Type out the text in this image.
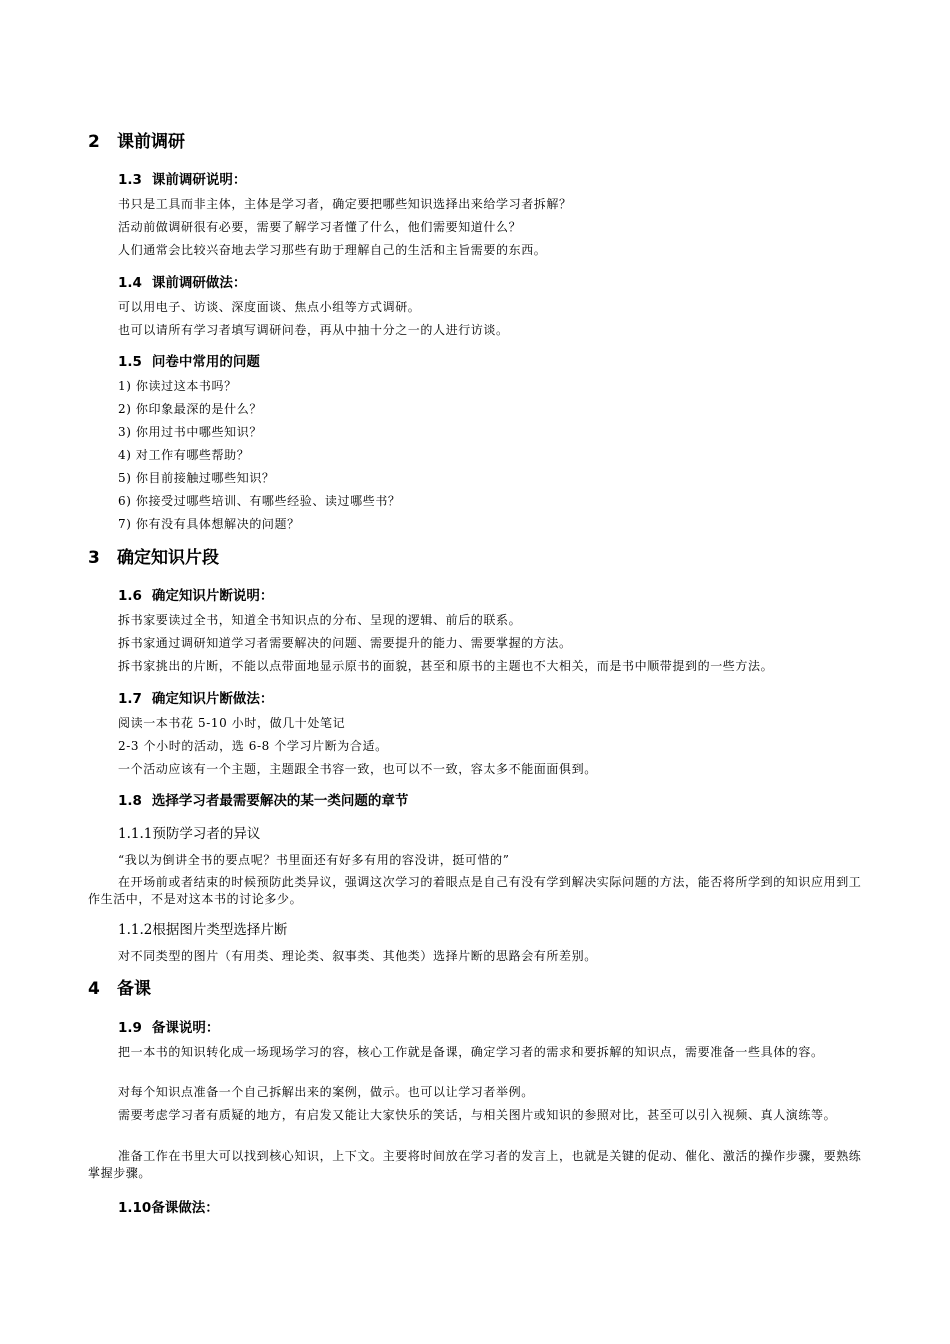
2 课前调研
1.3 课前调研说明：
书只是工具而非主体，主体是学习者，确定要把哪些知识选择出来给学习者拆解？
活动前做调研很有必要，需要了解学习者懂了什么，他们需要知道什么？
人们通常会比较兴奋地去学习那些有助于理解自己的生活和主旨需要的东西。
1.4 课前调研做法：
可以用电子、访谈、深度面谈、焦点小组等方式调研。
也可以请所有学习者填写调研问卷，再从中抽十分之一的人进行访谈。
1.5 问卷中常用的问题
1) 你读过这本书吗？
2) 你印象最深的是什么？
3) 你用过书中哪些知识？
4) 对工作有哪些帮助？
5) 你目前接触过哪些知识？
6) 你接受过哪些培训、有哪些经验、读过哪些书？
7) 你有没有具体想解决的问题？
3 确定知识片段
1.6 确定知识片断说明：
拆书家要读过全书，知道全书知识点的分布、呈现的逻辑、前后的联系。
拆书家通过调研知道学习者需要解决的问题、需要提升的能力、需要掌握的方法。
拆书家挑出的片断，不能以点带面地显示原书的面貌，甚至和原书的主题也不大相关，而是书中顺带提到的一些方法。
1.7 确定知识片断做法：
阅读一本书花 5-10 小时，做几十处笔记
2-3 个小时的活动，选 6-8 个学习片断为合适。
一个活动应该有一个主题，主题跟全书容一致，也可以不一致，容太多不能面面俱到。
1.8 选择学习者最需要解决的某一类问题的章节
1.1.1预防学习者的异议
“我以为倒讲全书的要点呢？书里面还有好多有用的容没讲，挺可惜的”
在开场前或者结束的时候预防此类异议，强调这次学习的着眼点是自己有没有学到解决实际问题的方法，能否将所学到的知识应用到工作生活中，不是对这本书的讨论多少。
1.1.2根据图片类型选择片断
对不同类型的图片（有用类、理论类、叙事类、其他类）选择片断的思路会有所差别。
4 备课
1.9 备课说明：
把一本书的知识转化成一场现场学习的容，核心工作就是备课，确定学习者的需求和要拆解的知识点，需要准备一些具体的容。
对每个知识点准备一个自己拆解出来的案例，做示。也可以让学习者举例。
需要考虑学习者有质疑的地方，有启发又能让大家快乐的笑话，与相关图片或知识的参照对比，甚至可以引入视频、真人演练等。
准备工作在书里大可以找到核心知识，上下文。主要将时间放在学习者的发言上，也就是关键的促动、催化、激活的操作步骤，要熟练掌握步骤。
1.10备课做法：
